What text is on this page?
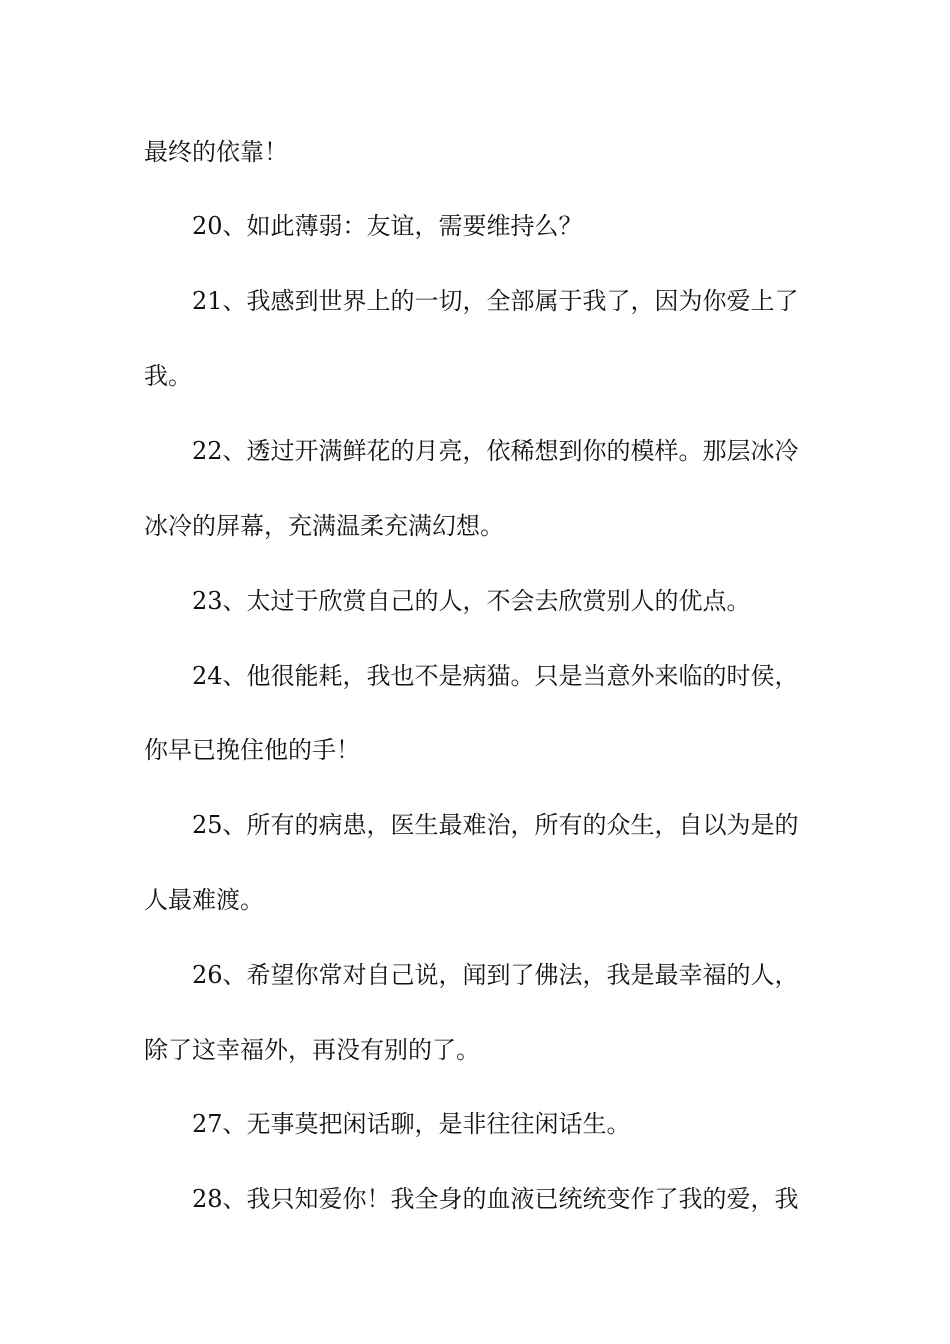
最终的依靠！
20、如此薄弱：友谊，需要维持么？
21、我感到世界上的一切，全部属于我了，因为你爱上了
我。
22、透过开满鲜花的月亮，依稀想到你的模样。那层冰冷
冰冷的屏幕，充满温柔充满幻想。
23、太过于欣赏自己的人，不会去欣赏别人的优点。
24、他很能耗，我也不是病猫。只是当意外来临的时侯，
你早已挽住他的手！
25、所有的病患，医生最难治，所有的众生，自以为是的
人最难渡。
26、希望你常对自己说，闻到了佛法，我是最幸福的人，
除了这幸福外，再没有别的了。
27、无事莫把闲话聊，是非往往闲话生。
28、我只知爱你！我全身的血液已统统变作了我的爱，我
